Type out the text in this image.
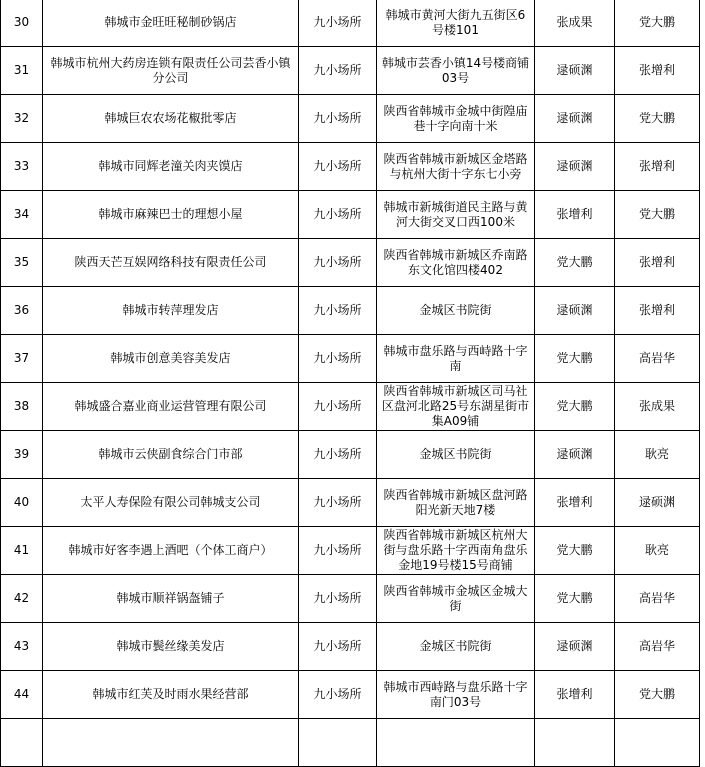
30	韩城市金旺旺秘制砂锅店	九小场所	韩城市黄河大街九五街区6号楼101	张成果	党大鹏
31	韩城市杭州大药房连锁有限责任公司芸香小镇分公司	九小场所	韩城市芸香小镇14号楼商铺03号	逯硕渊	张增利
32	韩城巨农农场花椒批零店	九小场所	陕西省韩城市金城中街隍庙巷十字向南十米	逯硕渊	党大鹏
33	韩城市同辉老潼关肉夹馍店	九小场所	陕西省韩城市新城区金塔路与杭州大街十字东七小旁	逯硕渊	张增利
34	韩城市麻辣巴士的理想小屋	九小场所	韩城市新城街道民主路与黄河大街交叉口西100米	张增利	党大鹏
35	陕西天芒互娱网络科技有限责任公司	九小场所	陕西省韩城市新城区乔南路东文化馆四楼402	党大鹏	张增利
36	韩城市转萍理发店	九小场所	金城区书院街	逯硕渊	张增利
37	韩城市创意美容美发店	九小场所	韩城市盘乐路与西峙路十字南	党大鹏	高岩华
38	韩城盛合嘉业商业运营管理有限公司	九小场所	陕西省韩城市新城区司马社区盘河北路25号东湖星街市集A09铺	党大鹏	张成果
39	韩城市云侠副食综合门市部	九小场所	金城区书院街	逯硕渊	耿亮
40	太平人寿保险有限公司韩城支公司	九小场所	陕西省韩城市新城区盘河路阳光新天地7楼	张增利	逯硕渊
41	韩城市好客李遇上酒吧（个体工商户）	九小场所	陕西省韩城市新城区杭州大街与盘乐路十字西南角盘乐金地19号楼15号商铺	党大鹏	耿亮
42	韩城市顺祥锅盔铺子	九小场所	陕西省韩城市金城区金城大街	党大鹏	高岩华
43	韩城市鬓丝缘美发店	九小场所	金城区书院街	逯硕渊	高岩华
44	韩城市红芙及时雨水果经营部	九小场所	韩城市西峙路与盘乐路十字南门03号	张增利	党大鹏
